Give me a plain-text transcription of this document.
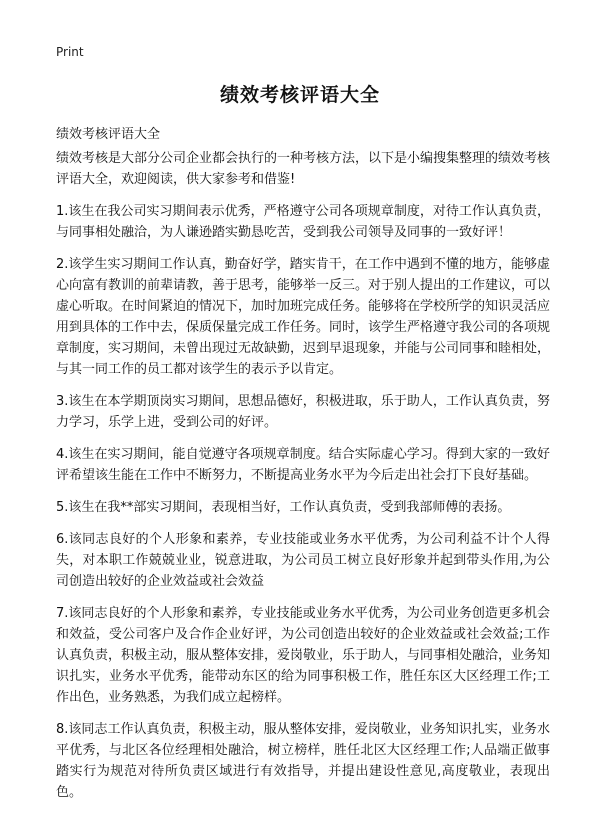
Print
绩效考核评语大全
绩效考核评语大全

绩效考核是大部分公司企业都会执行的一种考核方法，以下是小编搜集整理的绩效考核评语大全，欢迎阅读，供大家参考和借鉴!

1.该生在我公司实习期间表示优秀，严格遵守公司各项规章制度，对待工作认真负责，与同事相处融洽，为人谦逊踏实勤恳吃苦，受到我公司领导及同事的一致好评！

2.该学生实习期间工作认真，勤奋好学，踏实肯干，在工作中遇到不懂的地方，能够虚心向富有教训的前辈请教，善于思考，能够举一反三。对于别人提出的工作建议，可以虚心听取。在时间紧迫的情况下，加时加班完成任务。能够将在学校所学的知识灵活应用到具体的工作中去，保质保量完成工作任务。同时，该学生严格遵守我公司的各项规章制度，实习期间，未曾出现过无故缺勤，迟到早退现象，并能与公司同事和睦相处，与其一同工作的员工都对该学生的表示予以肯定。

3.该生在本学期顶岗实习期间，思想品德好，积极进取，乐于助人，工作认真负责，努力学习，乐学上进，受到公司的好评。

4.该生在实习期间，能自觉遵守各项规章制度。结合实际虚心学习。得到大家的一致好评希望该生能在工作中不断努力，不断提高业务水平为今后走出社会打下良好基础。

5.该生在我**部实习期间，表现相当好，工作认真负责，受到我部师傅的表扬。

6.该同志良好的个人形象和素养，专业技能或业务水平优秀，为公司利益不计个人得失，对本职工作兢兢业业，锐意进取，为公司员工树立良好形象并起到带头作用,为公司创造出较好的企业效益或社会效益

7.该同志良好的个人形象和素养，专业技能或业务水平优秀，为公司业务创造更多机会和效益，受公司客户及合作企业好评，为公司创造出较好的企业效益或社会效益;工作认真负责，积极主动，服从整体安排，爱岗敬业，乐于助人，与同事相处融洽，业务知识扎实，业务水平优秀，能带动东区的给为同事积极工作，胜任东区大区经理工作;工作出色，业务熟悉，为我们成立起榜样。

8.该同志工作认真负责，积极主动，服从整体安排，爱岗敬业，业务知识扎实，业务水平优秀，与北区各位经理相处融洽，树立榜样，胜任北区大区经理工作;人品端正做事踏实行为规范对待所负责区域进行有效指导，并提出建设性意见,高度敬业，表现出色。
